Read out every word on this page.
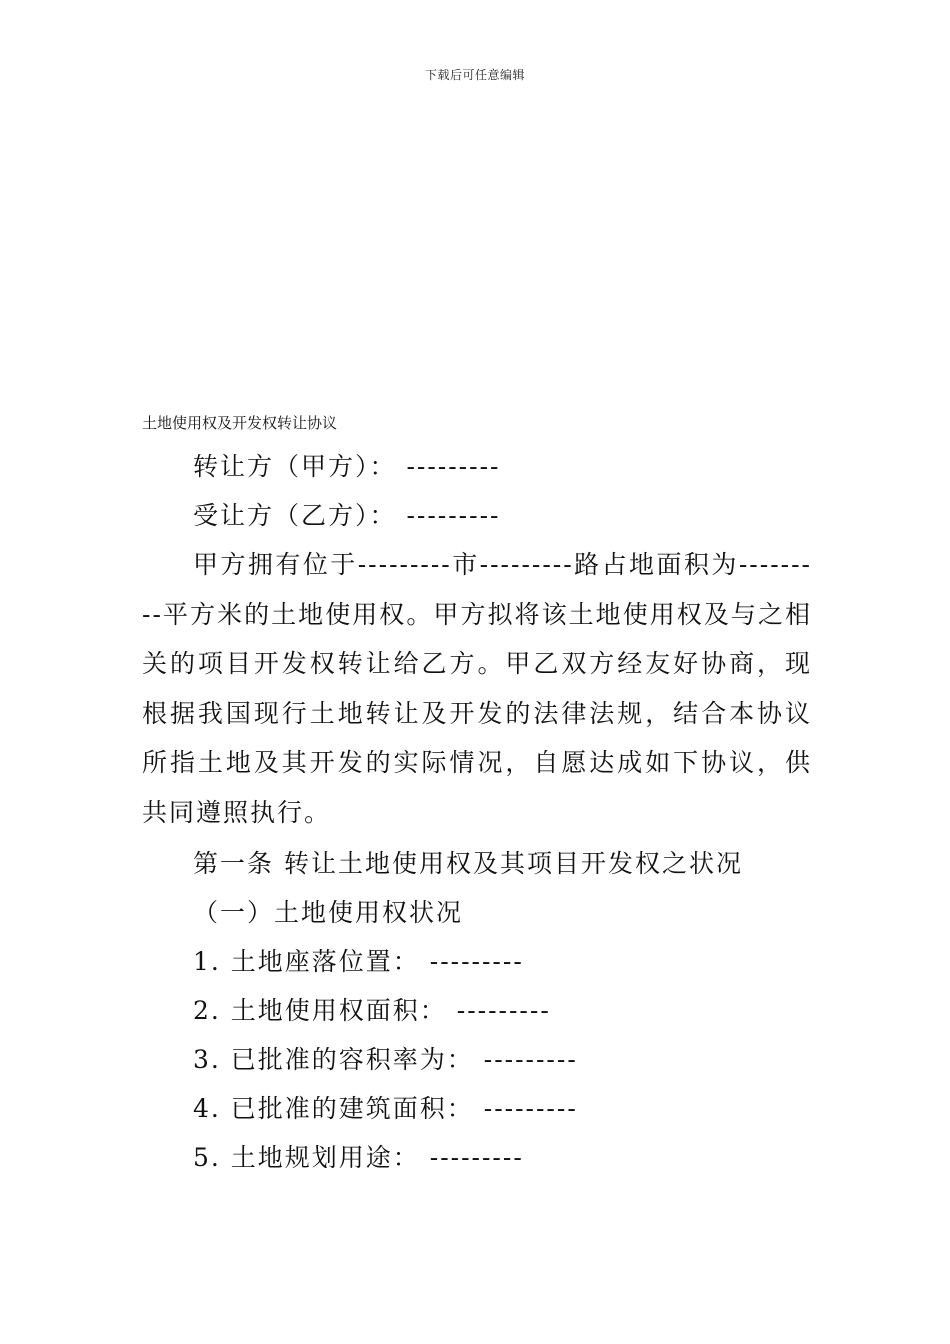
下载后可任意编辑
土地使用权及开发权转让协议
转让方（甲方）： ---------
受让方（乙方）： ---------

甲方拥有位于---------市---------路占地面积为---------平方米的土地使用权。甲方拟将该土地使用权及与之相关的项目开发权转让给乙方。甲乙双方经友好协商，现根据我国现行土地转让及开发的法律法规，结合本协议所指土地及其开发的实际情况，自愿达成如下协议，供共同遵照执行。

第一条 转让土地使用权及其项目开发权之状况
（一）土地使用权状况
1. 土地座落位置： ---------
2. 土地使用权面积： ---------
3. 已批准的容积率为： ---------
4. 已批准的建筑面积： ---------
5. 土地规划用途： ---------
